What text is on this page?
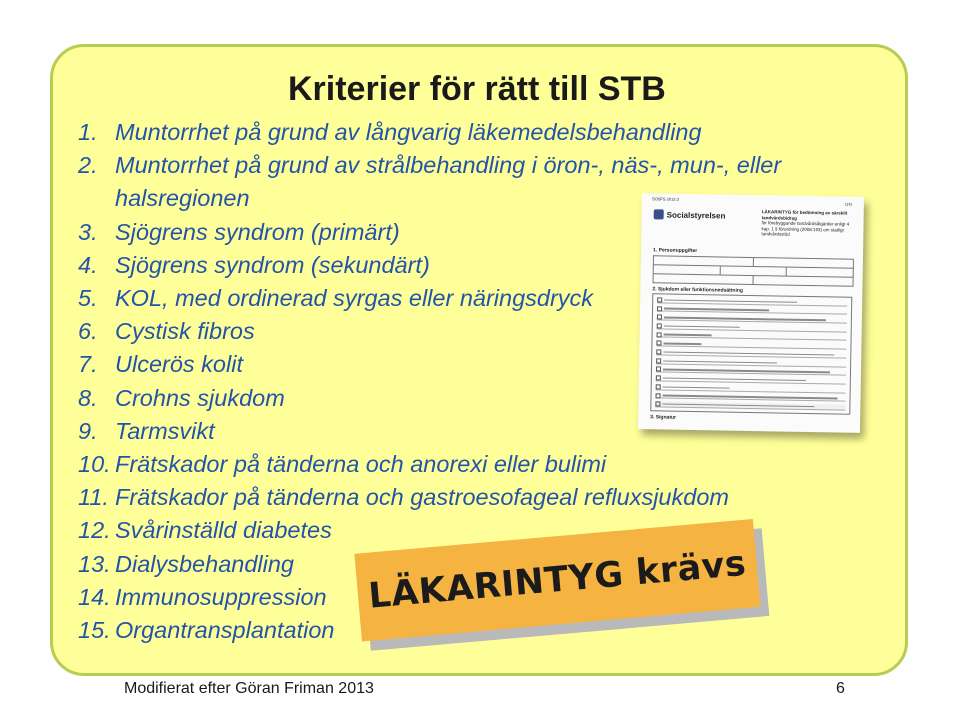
Kriterier för rätt till STB
1. Muntorrhet på grund av långvarig läkemedelsbehandling
2. Muntorrhet på grund av strålbehandling i öron-, näs-, mun-, eller
halsregionen
3. Sjögrens syndrom (primärt)
4. Sjögrens syndrom (sekundärt)
5. KOL, med ordinerad syrgas eller näringsdryck
6. Cystisk fibros
7. Ulcerös kolit
8. Crohns sjukdom
9. Tarmsvikt
10. Frätskador på tänderna och anorexi eller bulimi
11. Frätskador på tänderna och gastroesofageal refluxsjukdom
12. Svårinställd diabetes
13. Dialysbehandling
14. Immunosuppression
15. Organtransplantation
SOSFS 2012:3
1(4)
Socialstyrelsen	LÄKARINTYG för bedömning av särskilt tandvårdsbidrag
för förebyggande tandvårdsåtgärder enligt 4 kap. 1 § förordning (2008:193) om statligt tandvårdsstöd
1. Personuppgifter
2. Sjukdom eller funktionsnedsättning
3. Signatur
LÄKARINTYG krävs
Modifierat efter Göran Friman 2013	6
